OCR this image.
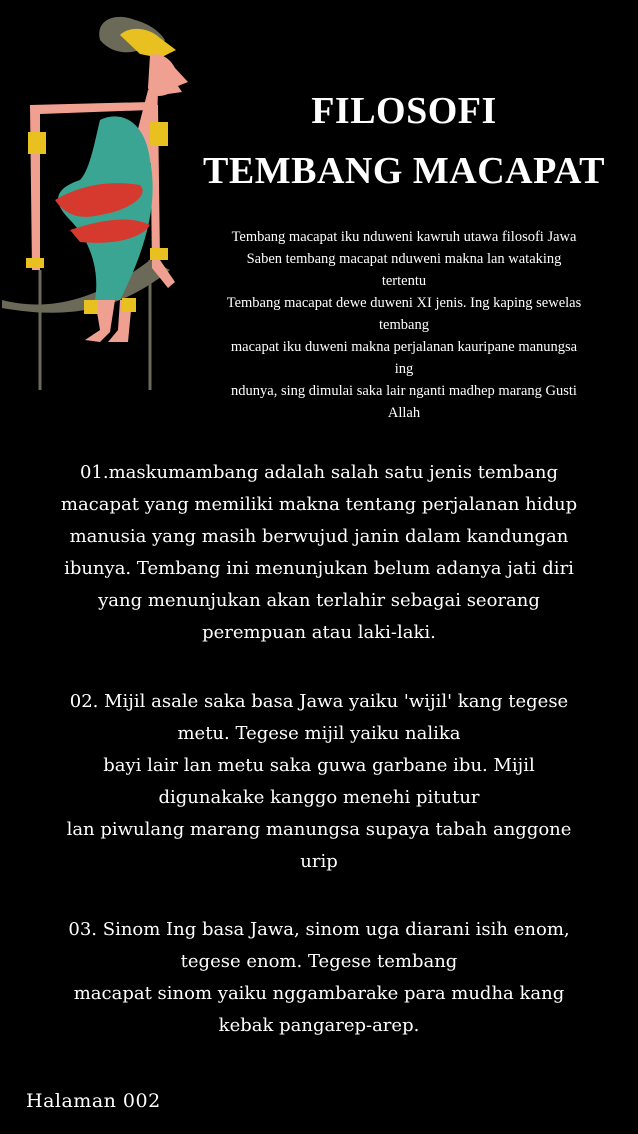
FILOSOFI
TEMBANG MACAPAT
Tembang macapat iku nduweni kawruh utawa filosofi Jawa
Saben tembang macapat nduweni makna lan wataking
tertentu
Tembang macapat dewe duweni XI jenis. Ing kaping sewelas
tembang
macapat iku duweni makna perjalanan kauripane manungsa
ing
ndunya, sing dimulai saka lair nganti madhep marang Gusti
Allah
01.maskumambang adalah salah satu jenis tembang
macapat yang memiliki makna tentang perjalanan hidup
manusia yang masih berwujud janin dalam kandungan
ibunya. Tembang ini menunjukan belum adanya jati diri
yang menunjukan akan terlahir sebagai seorang
perempuan atau laki-laki.
02. Mijil asale saka basa Jawa yaiku 'wijil' kang tegese
metu. Tegese mijil yaiku nalika
bayi lair lan metu saka guwa garbane ibu. Mijil
digunakake kanggo menehi pitutur
lan piwulang marang manungsa supaya tabah anggone
urip
03. Sinom Ing basa Jawa, sinom uga diarani isih enom,
tegese enom. Tegese tembang
macapat sinom yaiku nggambarake para mudha kang
kebak pangarep-arep.
Halaman 002
